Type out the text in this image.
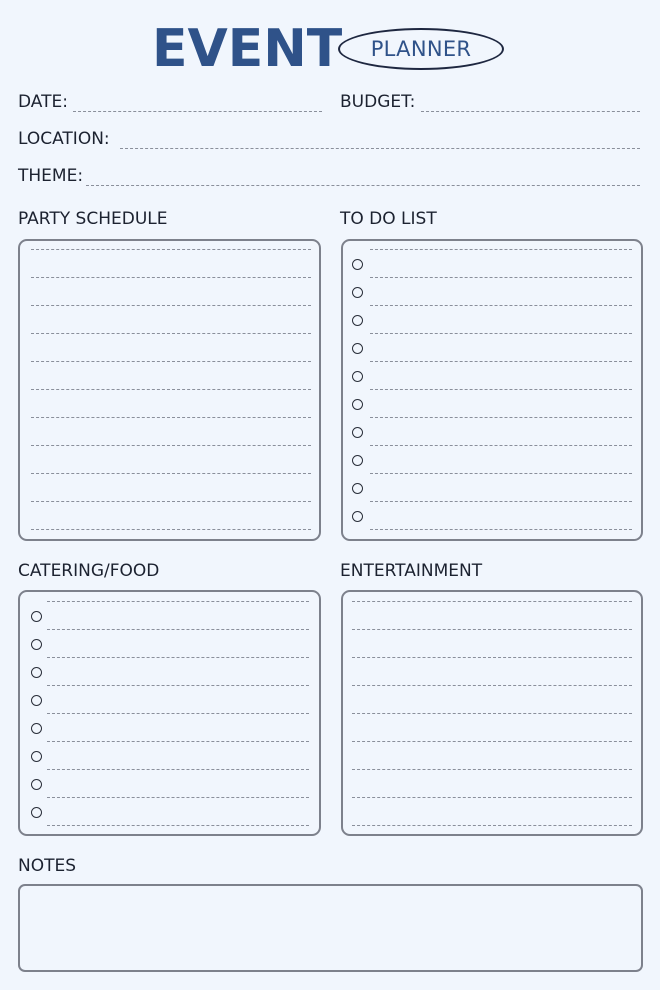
EVENT PLANNER
DATE:	BUDGET:
LOCATION:
THEME:
PARTY SCHEDULE	TO DO LIST
CATERING/FOOD	ENTERTAINMENT
NOTES
